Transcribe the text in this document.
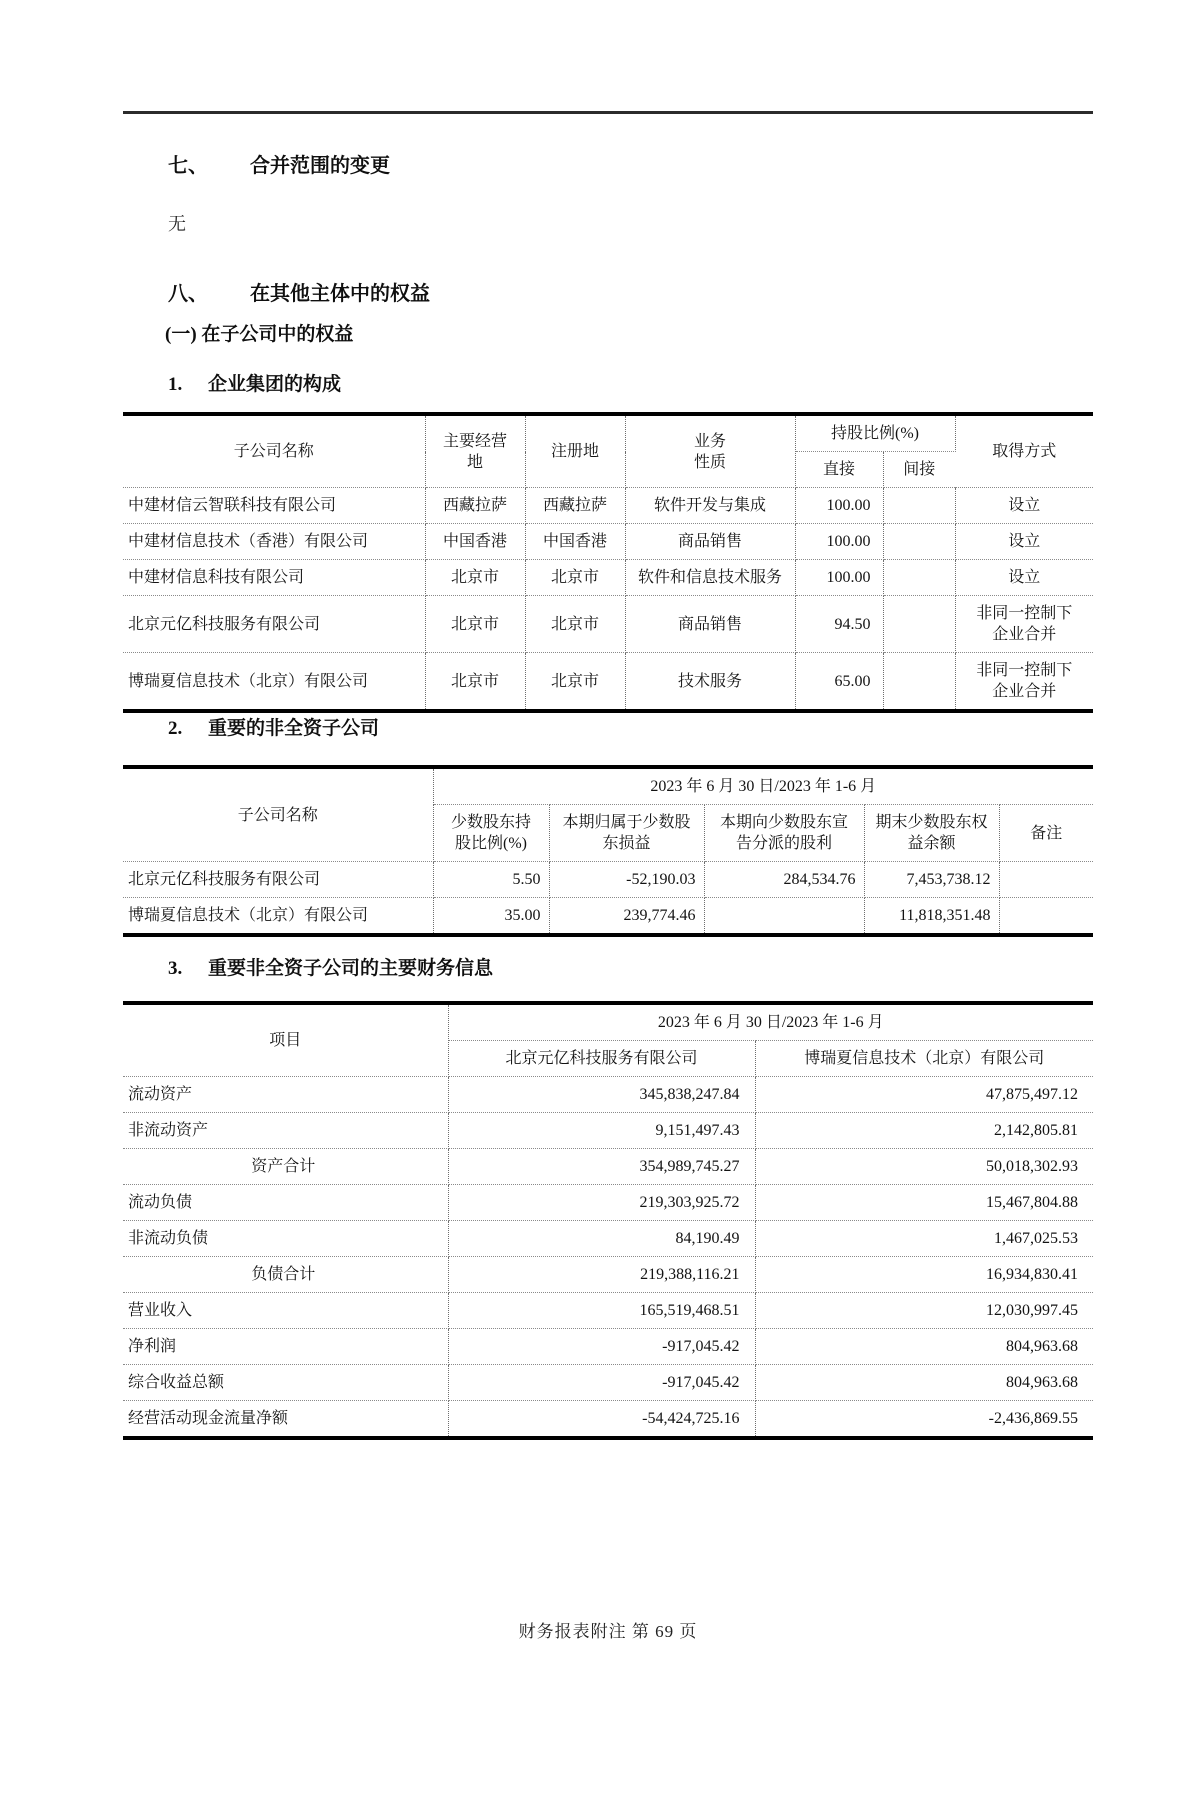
七、 合并范围的变更
无
八、 在其他主体中的权益
(一) 在子公司中的权益
1. 企业集团的构成
子公司名称	主要经营地	注册地	业务性质	持股比例(%)		取得方式
				直接	间接	
中建材信云智联科技有限公司	西藏拉萨	西藏拉萨	软件开发与集成	100.00		设立
中建材信息技术（香港）有限公司	中国香港	中国香港	商品销售	100.00		设立
中建材信息科技有限公司	北京市	北京市	软件和信息技术服务	100.00		设立
北京元亿科技服务有限公司	北京市	北京市	商品销售	94.50		非同一控制下企业合并
博瑞夏信息技术（北京）有限公司	北京市	北京市	技术服务	65.00		非同一控制下企业合并
2. 重要的非全资子公司
子公司名称	2023 年 6 月 30 日/2023 年 1-6 月				
	少数股东持股比例(%)	本期归属于少数股东损益	本期向少数股东宣告分派的股利	期末少数股东权益余额	备注
北京元亿科技服务有限公司	5.50	-52,190.03	284,534.76	7,453,738.12	
博瑞夏信息技术（北京）有限公司	35.00	239,774.46		11,818,351.48	
3. 重要非全资子公司的主要财务信息
项目	2023 年 6 月 30 日/2023 年 1-6 月	
	北京元亿科技服务有限公司	博瑞夏信息技术（北京）有限公司
流动资产	345,838,247.84	47,875,497.12
非流动资产	9,151,497.43	2,142,805.81
资产合计	354,989,745.27	50,018,302.93
流动负债	219,303,925.72	15,467,804.88
非流动负债	84,190.49	1,467,025.53
负债合计	219,388,116.21	16,934,830.41
营业收入	165,519,468.51	12,030,997.45
净利润	-917,045.42	804,963.68
综合收益总额	-917,045.42	804,963.68
经营活动现金流量净额	-54,424,725.16	-2,436,869.55
财务报表附注 第 69 页
